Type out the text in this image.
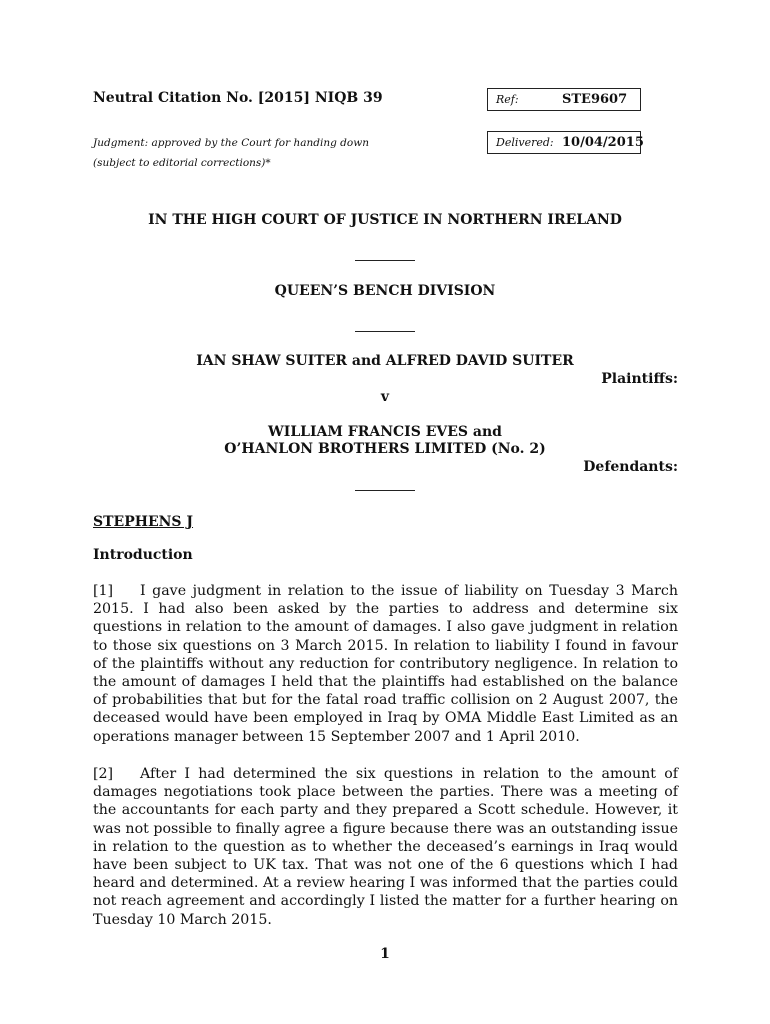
Neutral Citation No. [2015] NIQB 39	Ref:	STE9607
Delivered: 10/04/2015
Judgment: approved by the Court for handing down
(subject to editorial corrections)*
IN THE HIGH COURT OF JUSTICE IN NORTHERN IRELAND
QUEEN’S BENCH DIVISION
IAN SHAW SUITER and ALFRED DAVID SUITER
Plaintiffs:
v
WILLIAM FRANCIS EVES and
O’HANLON BROTHERS LIMITED (No. 2)
Defendants:
STEPHENS J
Introduction
[1] I gave judgment in relation to the issue of liability on Tuesday 3 March 2015. I had also been asked by the parties to address and determine six questions in relation to the amount of damages. I also gave judgment in relation to those six questions on 3 March 2015. In relation to liability I found in favour of the plaintiffs without any reduction for contributory negligence. In relation to the amount of damages I held that the plaintiffs had established on the balance of probabilities that but for the fatal road traffic collision on 2 August 2007, the deceased would have been employed in Iraq by OMA Middle East Limited as an operations manager between 15 September 2007 and 1 April 2010.
[2] After I had determined the six questions in relation to the amount of damages negotiations took place between the parties. There was a meeting of the accountants for each party and they prepared a Scott schedule. However, it was not possible to finally agree a figure because there was an outstanding issue in relation to the question as to whether the deceased’s earnings in Iraq would have been subject to UK tax. That was not one of the 6 questions which I had heard and determined. At a review hearing I was informed that the parties could not reach agreement and accordingly I listed the matter for a further hearing on Tuesday 10 March 2015.
1
